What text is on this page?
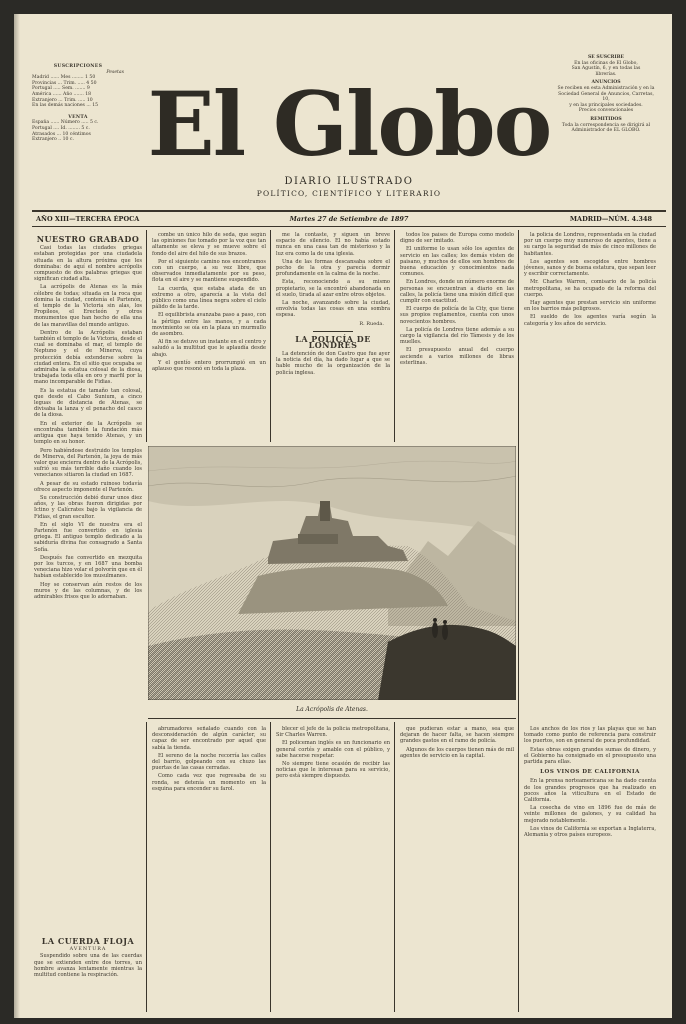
SUSCRIPCIONES
Pesetas
Madrid ...... Mes ........ 1 50
Provincias ... Trim. ..... 4 50
Portugal ..... Sem. ....... 9
América ...... Año ....... 18
Extranjero ... Trim. ..... 10
En las demás naciones ... 15
VENTA
España ...... Número ..... 5 c.
Portugal .... Id. ........ 5 c.
Atrasados ... 10 céntimos
Extranjero .. 10 c.
SE SUSCRIBE
En las oficinas de El Globo,
San Agustín, 6, y en todas las
librerías.
ANUNCIOS
Se reciben en esta Administración y en la Sociedad General de Anuncios, Carretas, 10,
y en las principales sociedades.
Precios convencionales
REMITIDOS
Toda la correspondencia se dirigirá al Administrador de EL GLOBO.
El Globo
DIARIO ILUSTRADO
POLÍTICO, CIENTÍFICO Y LITERARIO
AÑO XIII—TERCERA ÉPOCA	Martes 27 de Setiembre de 1897	MADRID—NÚM. 4.348
NUESTRO GRABADO

Casi todas las ciudades griegas estaban protegidas por una ciudadela situada en la altura próxima que les dominaba: de aquí el nombre acrópolis compuesto de dos palabras griegas que significan ciudad alta.

La acrópolis de Atenas es la más célebre de todas; situada en la roca que domina la ciudad, contenía el Partenón, el templo de la Victoria sin alas, los Propíleos, el Erecteón y otros monumentos que han hecho de ella una de las maravillas del mundo antiguo.

Dentro de la Acrópolis estaban también el templo de la Victoria, desde el cual se dominaba el mar, el templo de Neptuno y el de Minerva, cuya protección debía extenderse sobre la ciudad entera. En el sitio que ocupaba se admiraba la estatua colosal de la diosa, trabajada toda ella en oro y marfil por la mano incomparable de Fidias.

Es la estatua de tamaño tan colosal, que desde el Cabo Sunium, a cinco leguas de distancia de Atenas, se divisaba la lanza y el penacho del casco de la diosa.

En el exterior de la Acrópolis se encontraba también la fundación más antigua que haya tenido Atenas, y un templo en su honor.

Pero habiéndose destruido los templos de Minerva, del Partenón, la joya de más valor que encierra dentro de la Acrópolis, sufrió su más terrible daño cuando los venecianos sitiaron la ciudad en 1687.

A pesar de su estado ruinoso todavía ofrece aspecto imponente el Partenón.

Su construcción debió durar unos diez años, y las obras fueron dirigidas por Ictino y Calícrates bajo la vigilancia de Fidias, el gran escultor.

En el siglo VI de nuestra era el Partenón fue convertido en iglesia griega. El antiguo templo dedicado a la sabiduría divina fue consagrado a Santa Sofía.

Después fue convertido en mezquita por los turcos, y en 1687 una bomba veneciana hizo volar el polvorín que en él habían establecido los musulmanes.

Hoy se conservan aún restos de los muros y de las columnas, y de los admirables frisos que lo adornaban.

LA CUERDA FLOJA
AVENTURA

Suspendido sobre una de las cuerdas que se extienden entre dos torres, un hombre avanza lentamente mientras la multitud contiene la respiración.

combe un único hilo de seda, que según las opiniones fue tomado por la voz que tan altamente se eleva y se mueve sobre el fondo del aire del hilo de sus brazos.

Por el siguiente camino nos encontramos con un cuerpo, a su vez libre, que observados inmediatamente por su peso, flota en el aire y se mantiene suspendido.

La cuerda, que estaba atada de un extremo a otro, aparecía a la vista del público como una línea negra sobre el cielo pálido de la tarde.

El equilibrista avanzaba paso a paso, con la pértiga entre las manos, y a cada movimiento se oía en la plaza un murmullo de asombro.

Al fin se detuvo un instante en el centro y saludó a la multitud que le aplaudía desde abajo.

Y el gentío entero prorrumpió en un aplauso que resonó en toda la plaza.

me la contaste, y siguen un breve espacio de silencio. El no había estado nunca en una casa tan de misterioso y la luz era como la de una iglesia.

Una de las formas descansaba sobre el pecho de la otra y parecía dormir profundamente en la calma de la noche.

Esta, reconociendo a su mismo propietario, se la encontró abandonada en el suelo, tirada al azar entre otros objetos.

La noche, avanzando sobre la ciudad, envolvía todas las cosas en una sombra espesa.

R. Rueda.
LA POLICÍA DE LONDRES

La detención de don Castro que fue ayer la noticia del día, ha dado lugar a que se hable mucho de la organización de la policía inglesa.

todos los países de Europa como modelo digno de ser imitado.

El uniforme lo usan sólo los agentes de servicio en las calles; los demás visten de paisano, y muchos de ellos son hombres de buena educación y conocimientos nada comunes.

En Londres, donde un número enorme de personas se encuentran a diario en las calles, la policía tiene una misión difícil que cumplir con exactitud.

El cuerpo de policía de la City, que tiene sus propios reglamentos, cuenta con unos novecientos hombres.

La policía de Londres tiene además a su cargo la vigilancia del río Támesis y de los muelles.

El presupuesto anual del cuerpo asciende a varios millones de libras esterlinas.

la policía de Londres, representada en la ciudad por un cuerpo muy numeroso de agentes, tiene a su cargo la seguridad de más de cinco millones de habitantes.

Los agentes son escogidos entre hombres jóvenes, sanos y de buena estatura, que sepan leer y escribir correctamente.

Mr. Charles Warren, comisario de la policía metropolitana, se ha ocupado de la reforma del cuerpo.

Hay agentes que prestan servicio sin uniforme en los barrios más peligrosos.

El sueldo de los agentes varía según la categoría y los años de servicio.

La Acrópolis de Atenas.

abrumadores señalado cuando con la desconsideración de algún carácter, su capaz de ser encontrado por aquel que sabía la tienda.

El sereno de la noche recorría las calles del barrio, golpeando con su chuzo las puertas de las casas cerradas.

Como cada vez que regresaba de su ronda, se detenía un momento en la esquina para encender su farol.

blecer el jefe de la policía metropolitana, Sir Charles Warren.

El policeman inglés es un funcionario en general cortés y amable con el público, y sabe hacerse respetar.

No siempre tiene ocasión de recibir las noticias que le interesan para su servicio, pero está siempre dispuesto.

que pudieran estar a mano, sea que dejaran de hacer falta, se hacen siempre grandes gastos en el ramo de policía.

Algunos de los cuerpos tienen más de mil agentes de servicio en la capital.

Los anchos de los ríos y las playas que se han tomado como punto de referencia para construir los puertos, son en general de poca profundidad.

Estas obras exigen grandes sumas de dinero, y el Gobierno ha consignado en el presupuesto una partida para ellas.

LOS VINOS DE CALIFORNIA

En la prensa norteamericana se ha dado cuenta de los grandes progresos que ha realizado en pocos años la viticultura en el Estado de California.

La cosecha de vino en 1896 fue de más de veinte millones de galones, y su calidad ha mejorado notablemente.

Los vinos de California se exportan a Inglaterra, Alemania y otros países europeos.
